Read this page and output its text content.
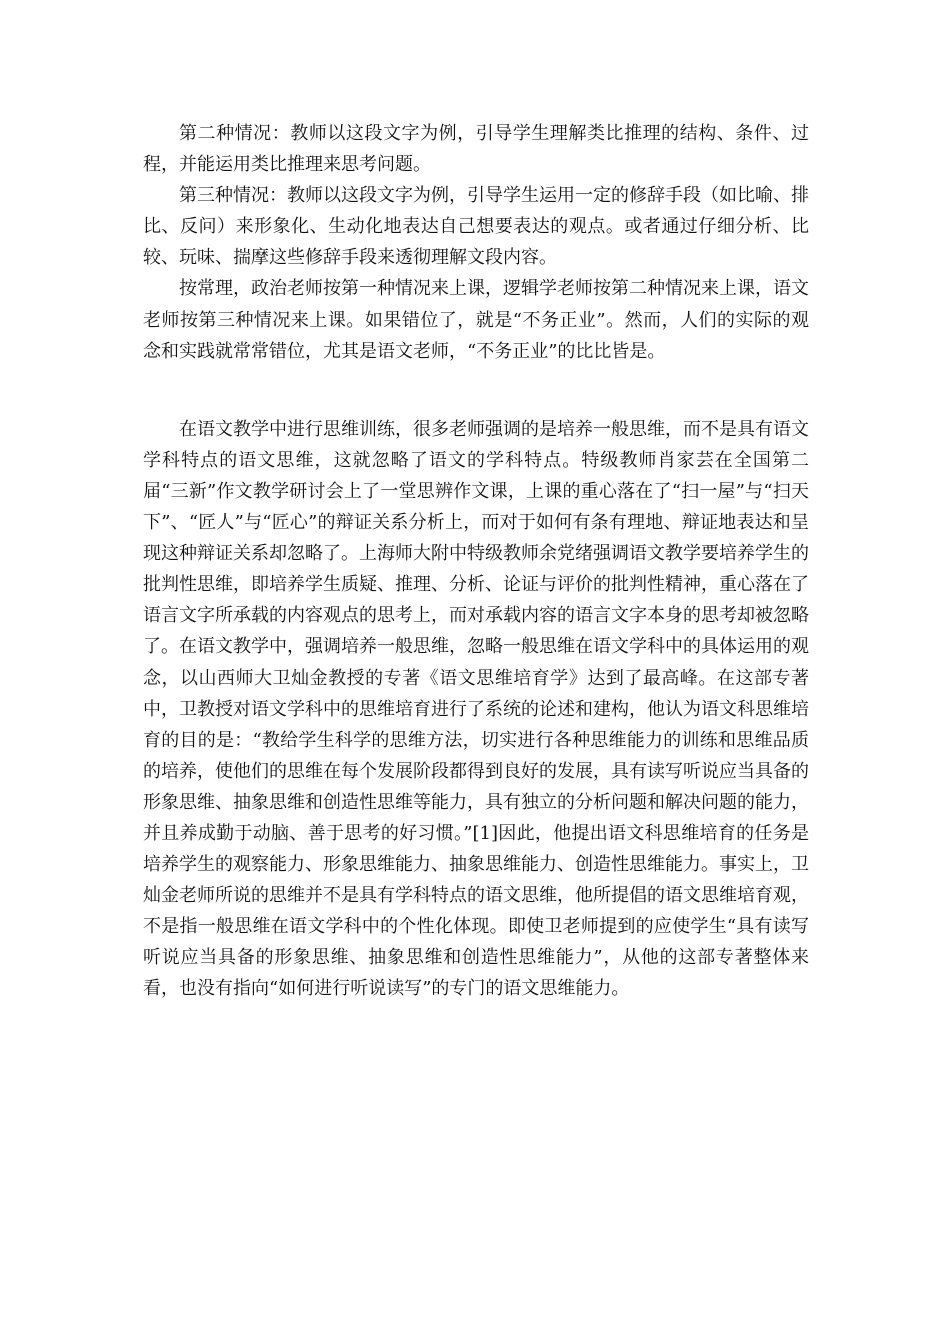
第二种情况：教师以这段文字为例，引导学生理解类比推理的结构、条件、过程，并能运用类比推理来思考问题。

第三种情况：教师以这段文字为例，引导学生运用一定的修辞手段（如比喻、排比、反问）来形象化、生动化地表达自己想要表达的观点。或者通过仔细分析、比较、玩味、揣摩这些修辞手段来透彻理解文段内容。

按常理，政治老师按第一种情况来上课，逻辑学老师按第二种情况来上课，语文老师按第三种情况来上课。如果错位了，就是“不务正业”。然而，人们的实际的观念和实践就常常错位，尤其是语文老师，“不务正业”的比比皆是。

在语文教学中进行思维训练，很多老师强调的是培养一般思维，而不是具有语文学科特点的语文思维，这就忽略了语文的学科特点。特级教师肖家芸在全国第二届“三新”作文教学研讨会上了一堂思辨作文课，上课的重心落在了“扫一屋”与“扫天下”、“匠人”与“匠心”的辩证关系分析上，而对于如何有条有理地、辩证地表达和呈现这种辩证关系却忽略了。上海师大附中特级教师余党绪强调语文教学要培养学生的批判性思维，即培养学生质疑、推理、分析、论证与评价的批判性精神，重心落在了语言文字所承载的内容观点的思考上，而对承载内容的语言文字本身的思考却被忽略了。在语文教学中，强调培养一般思维，忽略一般思维在语文学科中的具体运用的观念，以山西师大卫灿金教授的专著《语文思维培育学》达到了最高峰。在这部专著中，卫教授对语文学科中的思维培育进行了系统的论述和建构，他认为语文科思维培育的目的是：“教给学生科学的思维方法，切实进行各种思维能力的训练和思维品质的培养，使他们的思维在每个发展阶段都得到良好的发展，具有读写听说应当具备的形象思维、抽象思维和创造性思维等能力，具有独立的分析问题和解决问题的能力，并且养成勤于动脑、善于思考的好习惯。”[1]因此，他提出语文科思维培育的任务是培养学生的观察能力、形象思维能力、抽象思维能力、创造性思维能力。事实上，卫灿金老师所说的思维并不是具有学科特点的语文思维，他所提倡的语文思维培育观，不是指一般思维在语文学科中的个性化体现。即使卫老师提到的应使学生“具有读写听说应当具备的形象思维、抽象思维和创造性思维能力”，从他的这部专著整体来看，也没有指向“如何进行听说读写”的专门的语文思维能力。
